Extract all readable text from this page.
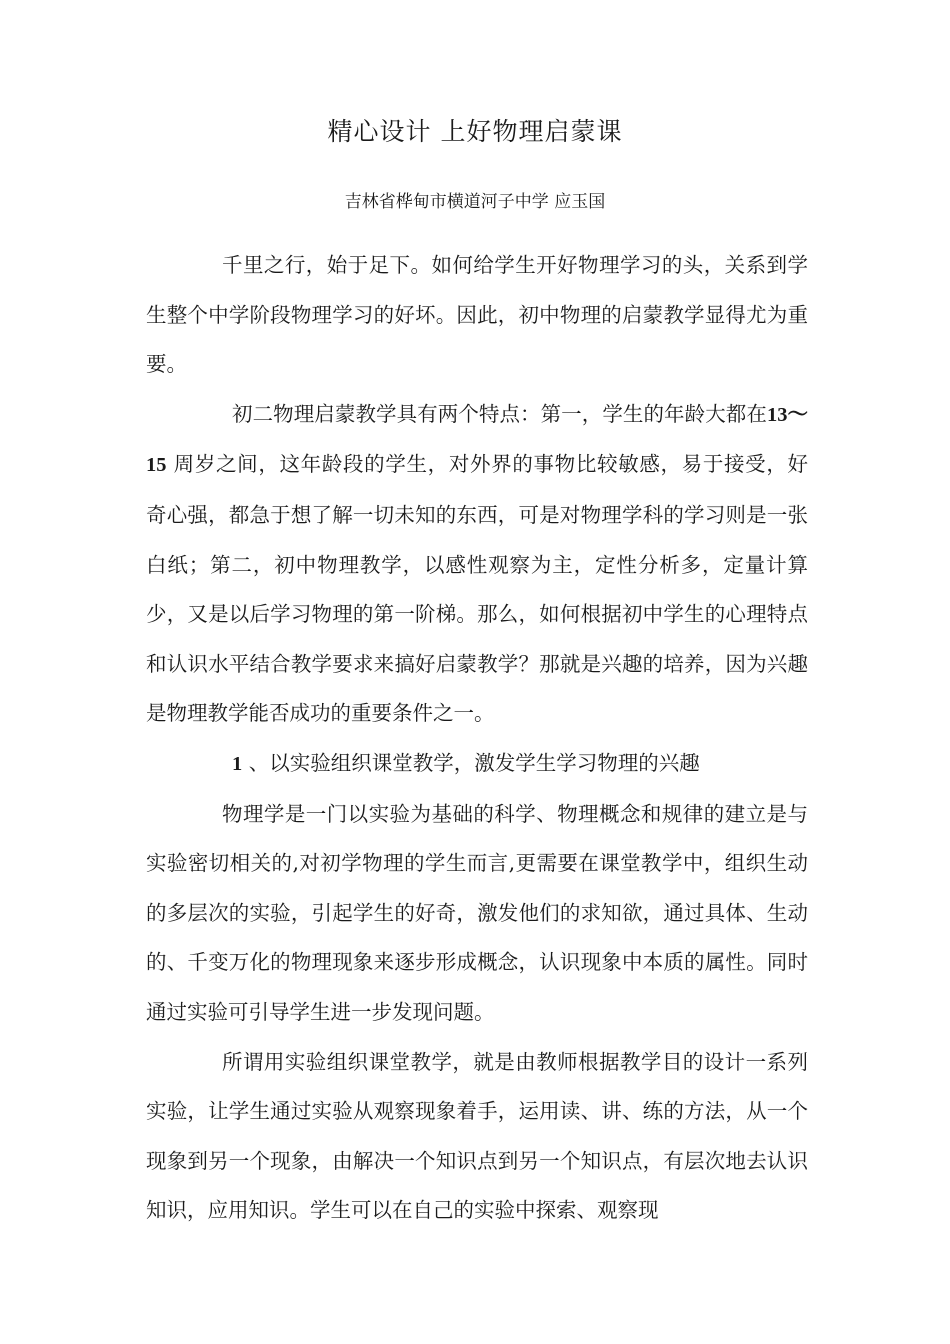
精心设计 上好物理启蒙课
吉林省桦甸市横道河子中学 应玉国

千里之行，始于足下。如何给学生开好物理学习的头，关系到学生整个中学阶段物理学习的好坏。因此，初中物理的启蒙教学显得尤为重要。

初二物理启蒙教学具有两个特点：第一，学生的年龄大都在13～15 周岁之间，这年龄段的学生，对外界的事物比较敏感，易于接受，好奇心强，都急于想了解一切未知的东西，可是对物理学科的学习则是一张白纸；第二，初中物理教学，以感性观察为主，定性分析多，定量计算少，又是以后学习物理的第一阶梯。那么，如何根据初中学生的心理特点和认识水平结合教学要求来搞好启蒙教学？那就是兴趣的培养，因为兴趣是物理教学能否成功的重要条件之一。

1 、以实验组织课堂教学，激发学生学习物理的兴趣

物理学是一门以实验为基础的科学、物理概念和规律的建立是与实验密切相关的,对初学物理的学生而言,更需要在课堂教学中，组织生动的多层次的实验，引起学生的好奇，激发他们的求知欲，通过具体、生动的、千变万化的物理现象来逐步形成概念，认识现象中本质的属性。同时通过实验可引导学生进一步发现问题。

所谓用实验组织课堂教学，就是由教师根据教学目的设计一系列实验，让学生通过实验从观察现象着手，运用读、讲、练的方法，从一个现象到另一个现象，由解决一个知识点到另一个知识点，有层次地去认识知识，应用知识。学生可以在自己的实验中探索、观察现
